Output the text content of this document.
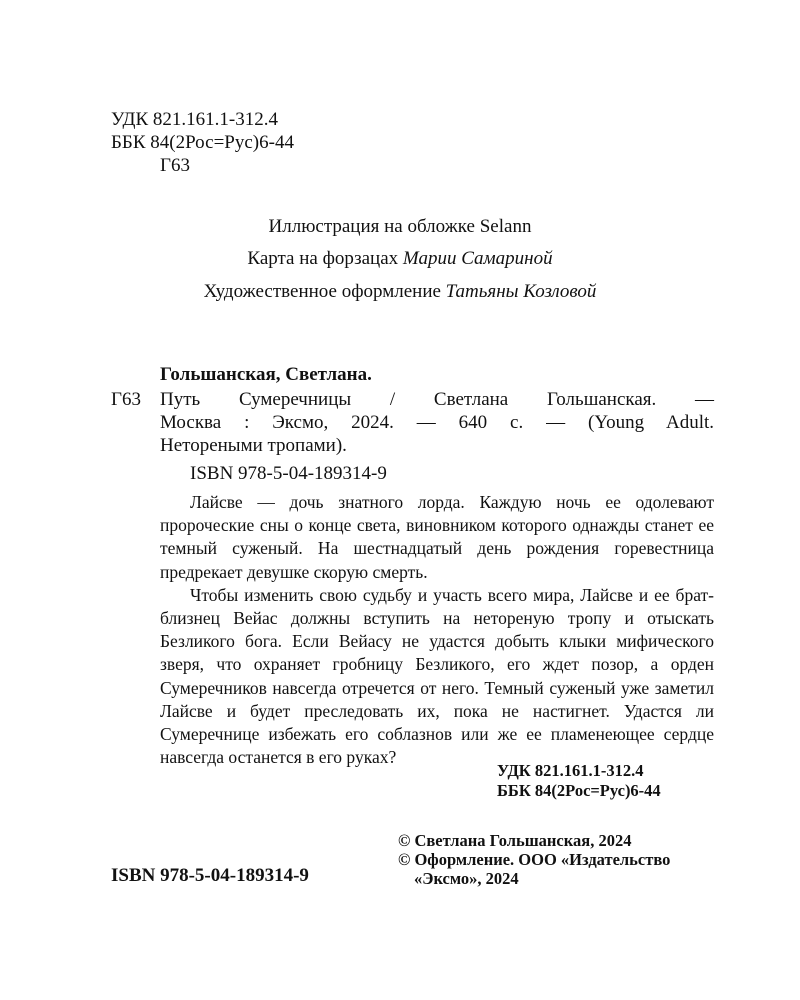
УДК 821.161.1-312.4
ББК 84(2Рос=Рус)6-44
Г63
Иллюстрация на обложке Selann
Карта на форзацах Марии Самариной
Художественное оформление Татьяны Козловой
Гольшанская, Светлана.
Г63 Путь Сумеречницы / Светлана Гольшанская. —
Москва : Эксмо, 2024. — 640 с. — (Young Adult.
Нетореными тропами).
ISBN 978-5-04-189314-9

Лайсве — дочь знатного лорда. Каждую ночь ее одолевают пророческие сны о конце света, виновником которого однажды станет ее темный суженый. На шестнадцатый день рождения горевестница предрекает девушке скорую смерть.

Чтобы изменить свою судьбу и участь всего мира, Лайсве и ее брат-близнец Вейас должны вступить на нетореную тропу и отыскать Безликого бога. Если Вейасу не удастся добыть клыки мифического зверя, что охраняет гробницу Безликого, его ждет позор, а орден Сумеречников навсегда отречется от него. Темный суженый уже заметил Лайсве и будет преследовать их, пока не настигнет. Удастся ли Сумеречнице избежать его соблазнов или же ее пламенеющее сердце навсегда останется в его руках?

УДК 821.161.1-312.4
ББК 84(2Рос=Рус)6-44
ISBN 978-5-04-189314-9
© Светлана Гольшанская, 2024
© Оформление. ООО «Издательство
«Эксмо», 2024
